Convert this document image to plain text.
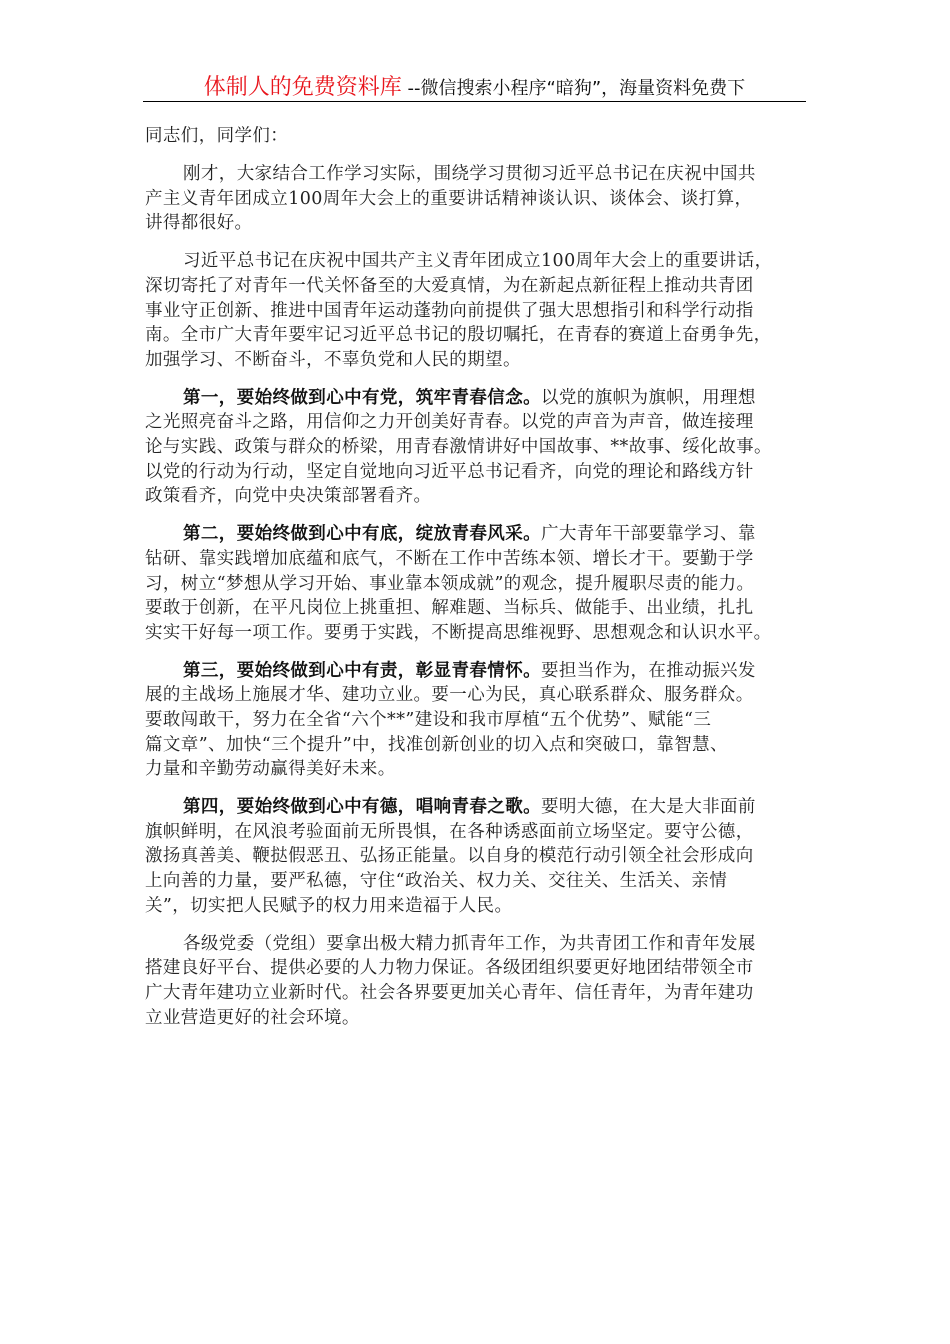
体制人的免费资料库 --微信搜索小程序“暗狗”，海量资料免费下
同志们，同学们：
刚才，大家结合工作学习实际，围绕学习贯彻习近平总书记在庆祝中国共
产主义青年团成立100周年大会上的重要讲话精神谈认识、谈体会、谈打算，
讲得都很好。
习近平总书记在庆祝中国共产主义青年团成立100周年大会上的重要讲话，
深切寄托了对青年一代关怀备至的大爱真情，为在新起点新征程上推动共青团
事业守正创新、推进中国青年运动蓬勃向前提供了强大思想指引和科学行动指
南。全市广大青年要牢记习近平总书记的殷切嘱托，在青春的赛道上奋勇争先，
加强学习、不断奋斗，不辜负党和人民的期望。
第一，要始终做到心中有党，筑牢青春信念。以党的旗帜为旗帜，用理想
之光照亮奋斗之路，用信仰之力开创美好青春。以党的声音为声音，做连接理
论与实践、政策与群众的桥梁，用青春激情讲好中国故事、**故事、绥化故事。
以党的行动为行动，坚定自觉地向习近平总书记看齐，向党的理论和路线方针
政策看齐，向党中央决策部署看齐。
第二，要始终做到心中有底，绽放青春风采。广大青年干部要靠学习、靠
钻研、靠实践增加底蕴和底气，不断在工作中苦练本领、增长才干。要勤于学
习，树立“梦想从学习开始、事业靠本领成就”的观念，提升履职尽责的能力。
要敢于创新，在平凡岗位上挑重担、解难题、当标兵、做能手、出业绩，扎扎
实实干好每一项工作。要勇于实践，不断提高思维视野、思想观念和认识水平。
第三，要始终做到心中有责，彰显青春情怀。要担当作为，在推动振兴发
展的主战场上施展才华、建功立业。要一心为民，真心联系群众、服务群众。
要敢闯敢干，努力在全省“六个**”建设和我市厚植“五个优势”、赋能“三
篇文章”、加快“三个提升”中，找准创新创业的切入点和突破口，靠智慧、
力量和辛勤劳动赢得美好未来。
第四，要始终做到心中有德，唱响青春之歌。要明大德，在大是大非面前
旗帜鲜明，在风浪考验面前无所畏惧，在各种诱惑面前立场坚定。要守公德，
激扬真善美、鞭挞假恶丑、弘扬正能量。以自身的模范行动引领全社会形成向
上向善的力量，要严私德，守住“政治关、权力关、交往关、生活关、亲情
关”，切实把人民赋予的权力用来造福于人民。
各级党委（党组）要拿出极大精力抓青年工作，为共青团工作和青年发展
搭建良好平台、提供必要的人力物力保证。各级团组织要更好地团结带领全市
广大青年建功立业新时代。社会各界要更加关心青年、信任青年，为青年建功
立业营造更好的社会环境。
